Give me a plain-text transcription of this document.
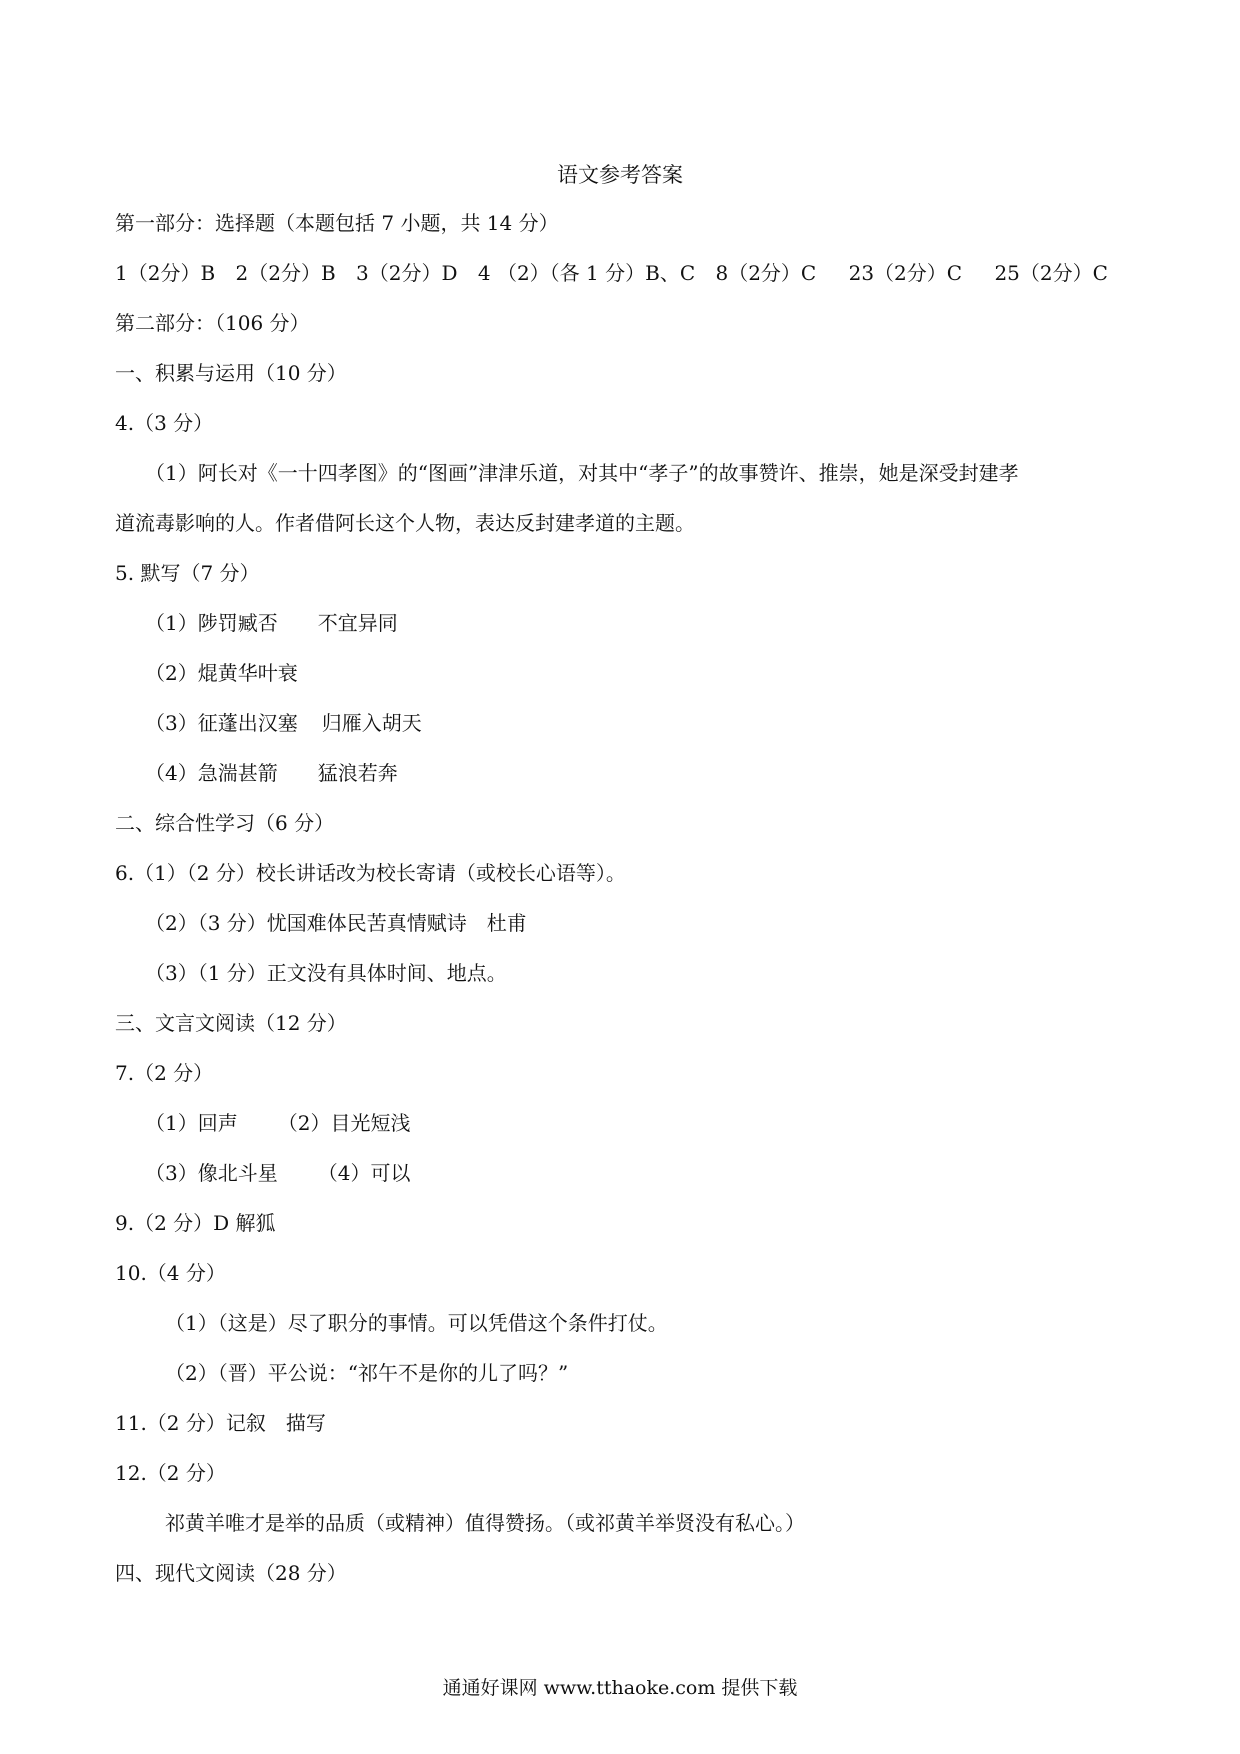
语文参考答案
第一部分：选择题（本题包括 7 小题，共 14 分）
1（2分）B 2（2分）B 3（2分）D 4 （2）（各 1 分）B、C 8（2分）C 23（2分）C 25（2分）C
第二部分：（106 分）
一、积累与运用（10 分）
4.（3 分）
（1）阿长对《一十四孝图》的“图画”津津乐道，对其中“孝子”的故事赞许、推崇，她是深受封建孝
道流毒影响的人。作者借阿长这个人物，表达反封建孝道的主题。
5. 默写（7 分）
（1）陟罚臧否 不宜异同
（2）焜黄华叶衰
（3）征蓬出汉塞 归雁入胡天
（4）急湍甚箭 猛浪若奔
二、综合性学习（6 分）
6.（1）（2 分）校长讲话改为校长寄请（或校长心语等）。
（2）（3 分）忧国难体民苦真情赋诗　杜甫
（3）（1 分）正文没有具体时间、地点。
三、文言文阅读（12 分）
7.（2 分）
（1）回声 （2）目光短浅
（3）像北斗星 （4）可以
9.（2 分）D 解狐
10.（4 分）
（1）（这是）尽了职分的事情。可以凭借这个条件打仗。
（2）（晋）平公说：“祁午不是你的儿了吗？”
11.（2 分）记叙　描写
12.（2 分）
祁黄羊唯才是举的品质（或精神）值得赞扬。（或祁黄羊举贤没有私心。）
四、现代文阅读（28 分）
通通好课网 www.tthaoke.com 提供下载
